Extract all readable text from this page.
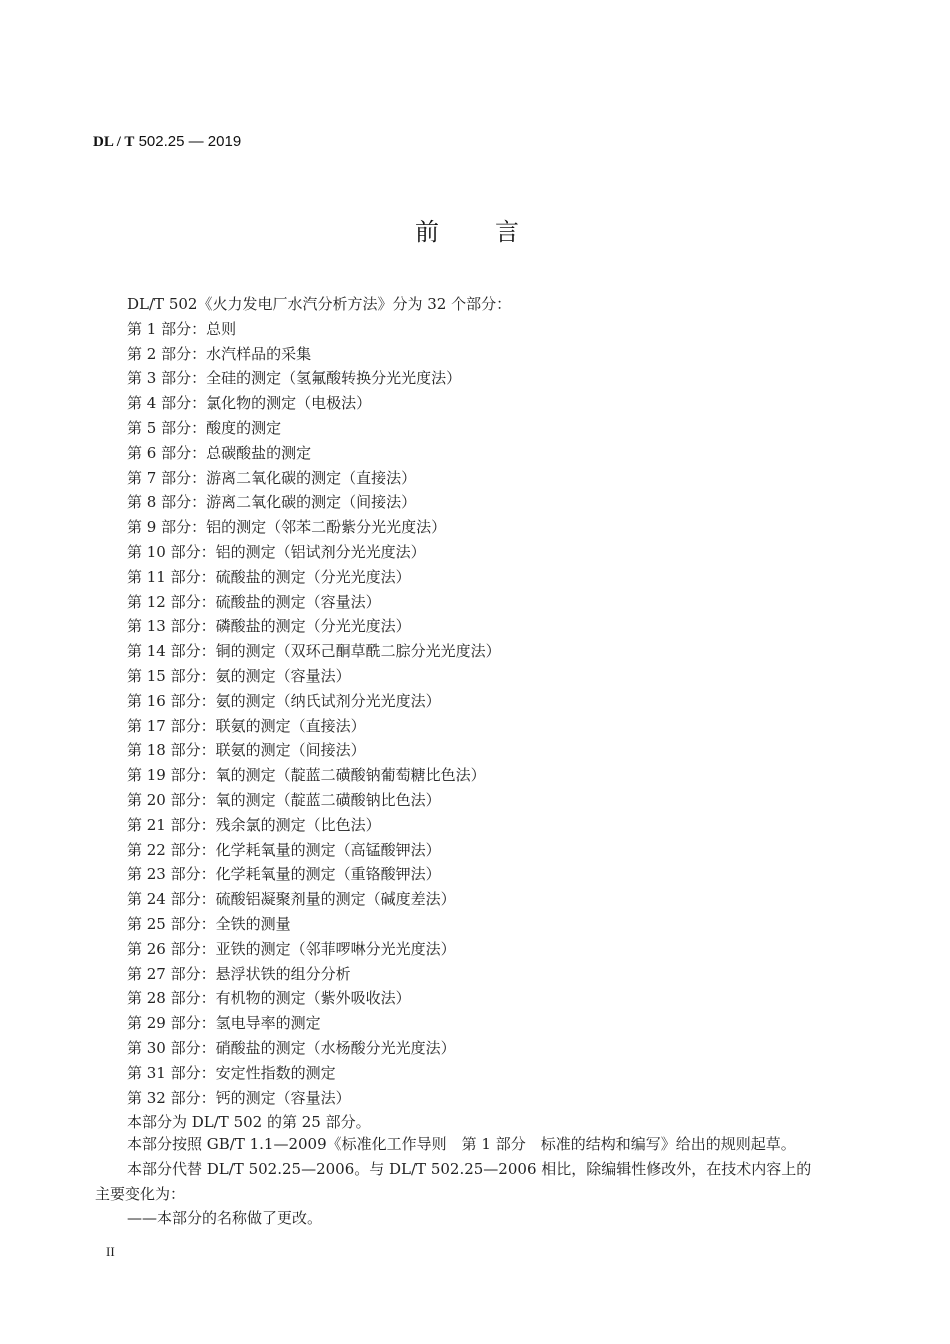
DL / T 502.25 — 2019
前言
DL/T 502《火力发电厂水汽分析方法》分为 32 个部分：
第 1 部分：总则
第 2 部分：水汽样品的采集
第 3 部分：全硅的测定（氢氟酸转换分光光度法）
第 4 部分：氯化物的测定（电极法）
第 5 部分：酸度的测定
第 6 部分：总碳酸盐的测定
第 7 部分：游离二氧化碳的测定（直接法）
第 8 部分：游离二氧化碳的测定（间接法）
第 9 部分：铝的测定（邻苯二酚紫分光光度法）
第 10 部分：铝的测定（铝试剂分光光度法）
第 11 部分：硫酸盐的测定（分光光度法）
第 12 部分：硫酸盐的测定（容量法）
第 13 部分：磷酸盐的测定（分光光度法）
第 14 部分：铜的测定（双环己酮草酰二腙分光光度法）
第 15 部分：氨的测定（容量法）
第 16 部分：氨的测定（纳氏试剂分光光度法）
第 17 部分：联氨的测定（直接法）
第 18 部分：联氨的测定（间接法）
第 19 部分：氧的测定（靛蓝二磺酸钠葡萄糖比色法）
第 20 部分：氧的测定（靛蓝二磺酸钠比色法）
第 21 部分：残余氯的测定（比色法）
第 22 部分：化学耗氧量的测定（高锰酸钾法）
第 23 部分：化学耗氧量的测定（重铬酸钾法）
第 24 部分：硫酸铝凝聚剂量的测定（碱度差法）
第 25 部分：全铁的测量
第 26 部分：亚铁的测定（邻菲啰啉分光光度法）
第 27 部分：悬浮状铁的组分分析
第 28 部分：有机物的测定（紫外吸收法）
第 29 部分：氢电导率的测定
第 30 部分：硝酸盐的测定（水杨酸分光光度法）
第 31 部分：安定性指数的测定
第 32 部分：钙的测定（容量法）
本部分为 DL/T 502 的第 25 部分。
本部分按照 GB/T 1.1—2009《标准化工作导则　第 1 部分　标准的结构和编写》给出的规则起草。
本部分代替 DL/T 502.25—2006。与 DL/T 502.25—2006 相比，除编辑性修改外，在技术内容上的
主要变化为：
——本部分的名称做了更改。
II
